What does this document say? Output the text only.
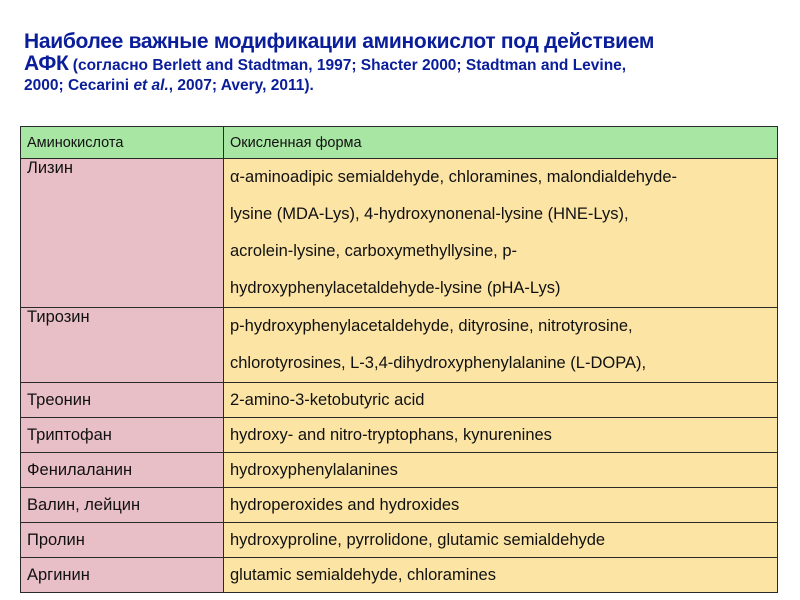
Наиболее важные модификации аминокислот под действием
АФК (согласно Berlett and Stadtman, 1997; Shacter 2000; Stadtman and Levine,
2000; Cecarini et al., 2007; Avery, 2011).
Аминокислота	Окисленная форма
Лизин	α-aminoadipic semialdehyde, chloramines, malondialdehyde-
lysine (MDA-Lys), 4-hydroxynonenal-lysine (HNE-Lys),
acrolein-lysine, carboxymethyllysine, p-
hydroxyphenylacetaldehyde-lysine (pHA-Lys)

Тирозин	p-hydroxyphenylacetaldehyde, dityrosine, nitrotyrosine,
chlorotyrosines, L-3,4-dihydroxyphenylalanine (L-DOPA),

Треонин	2-amino-3-ketobutyric acid

Триптофан	hydroxy- and nitro-tryptophans, kynurenines

Фенилаланин	hydroxyphenylalanines

Валин, лейцин	hydroperoxides and hydroxides

Пролин	hydroxyproline, pyrrolidone, glutamic semialdehyde

Аргинин	glutamic semialdehyde, chloramines
